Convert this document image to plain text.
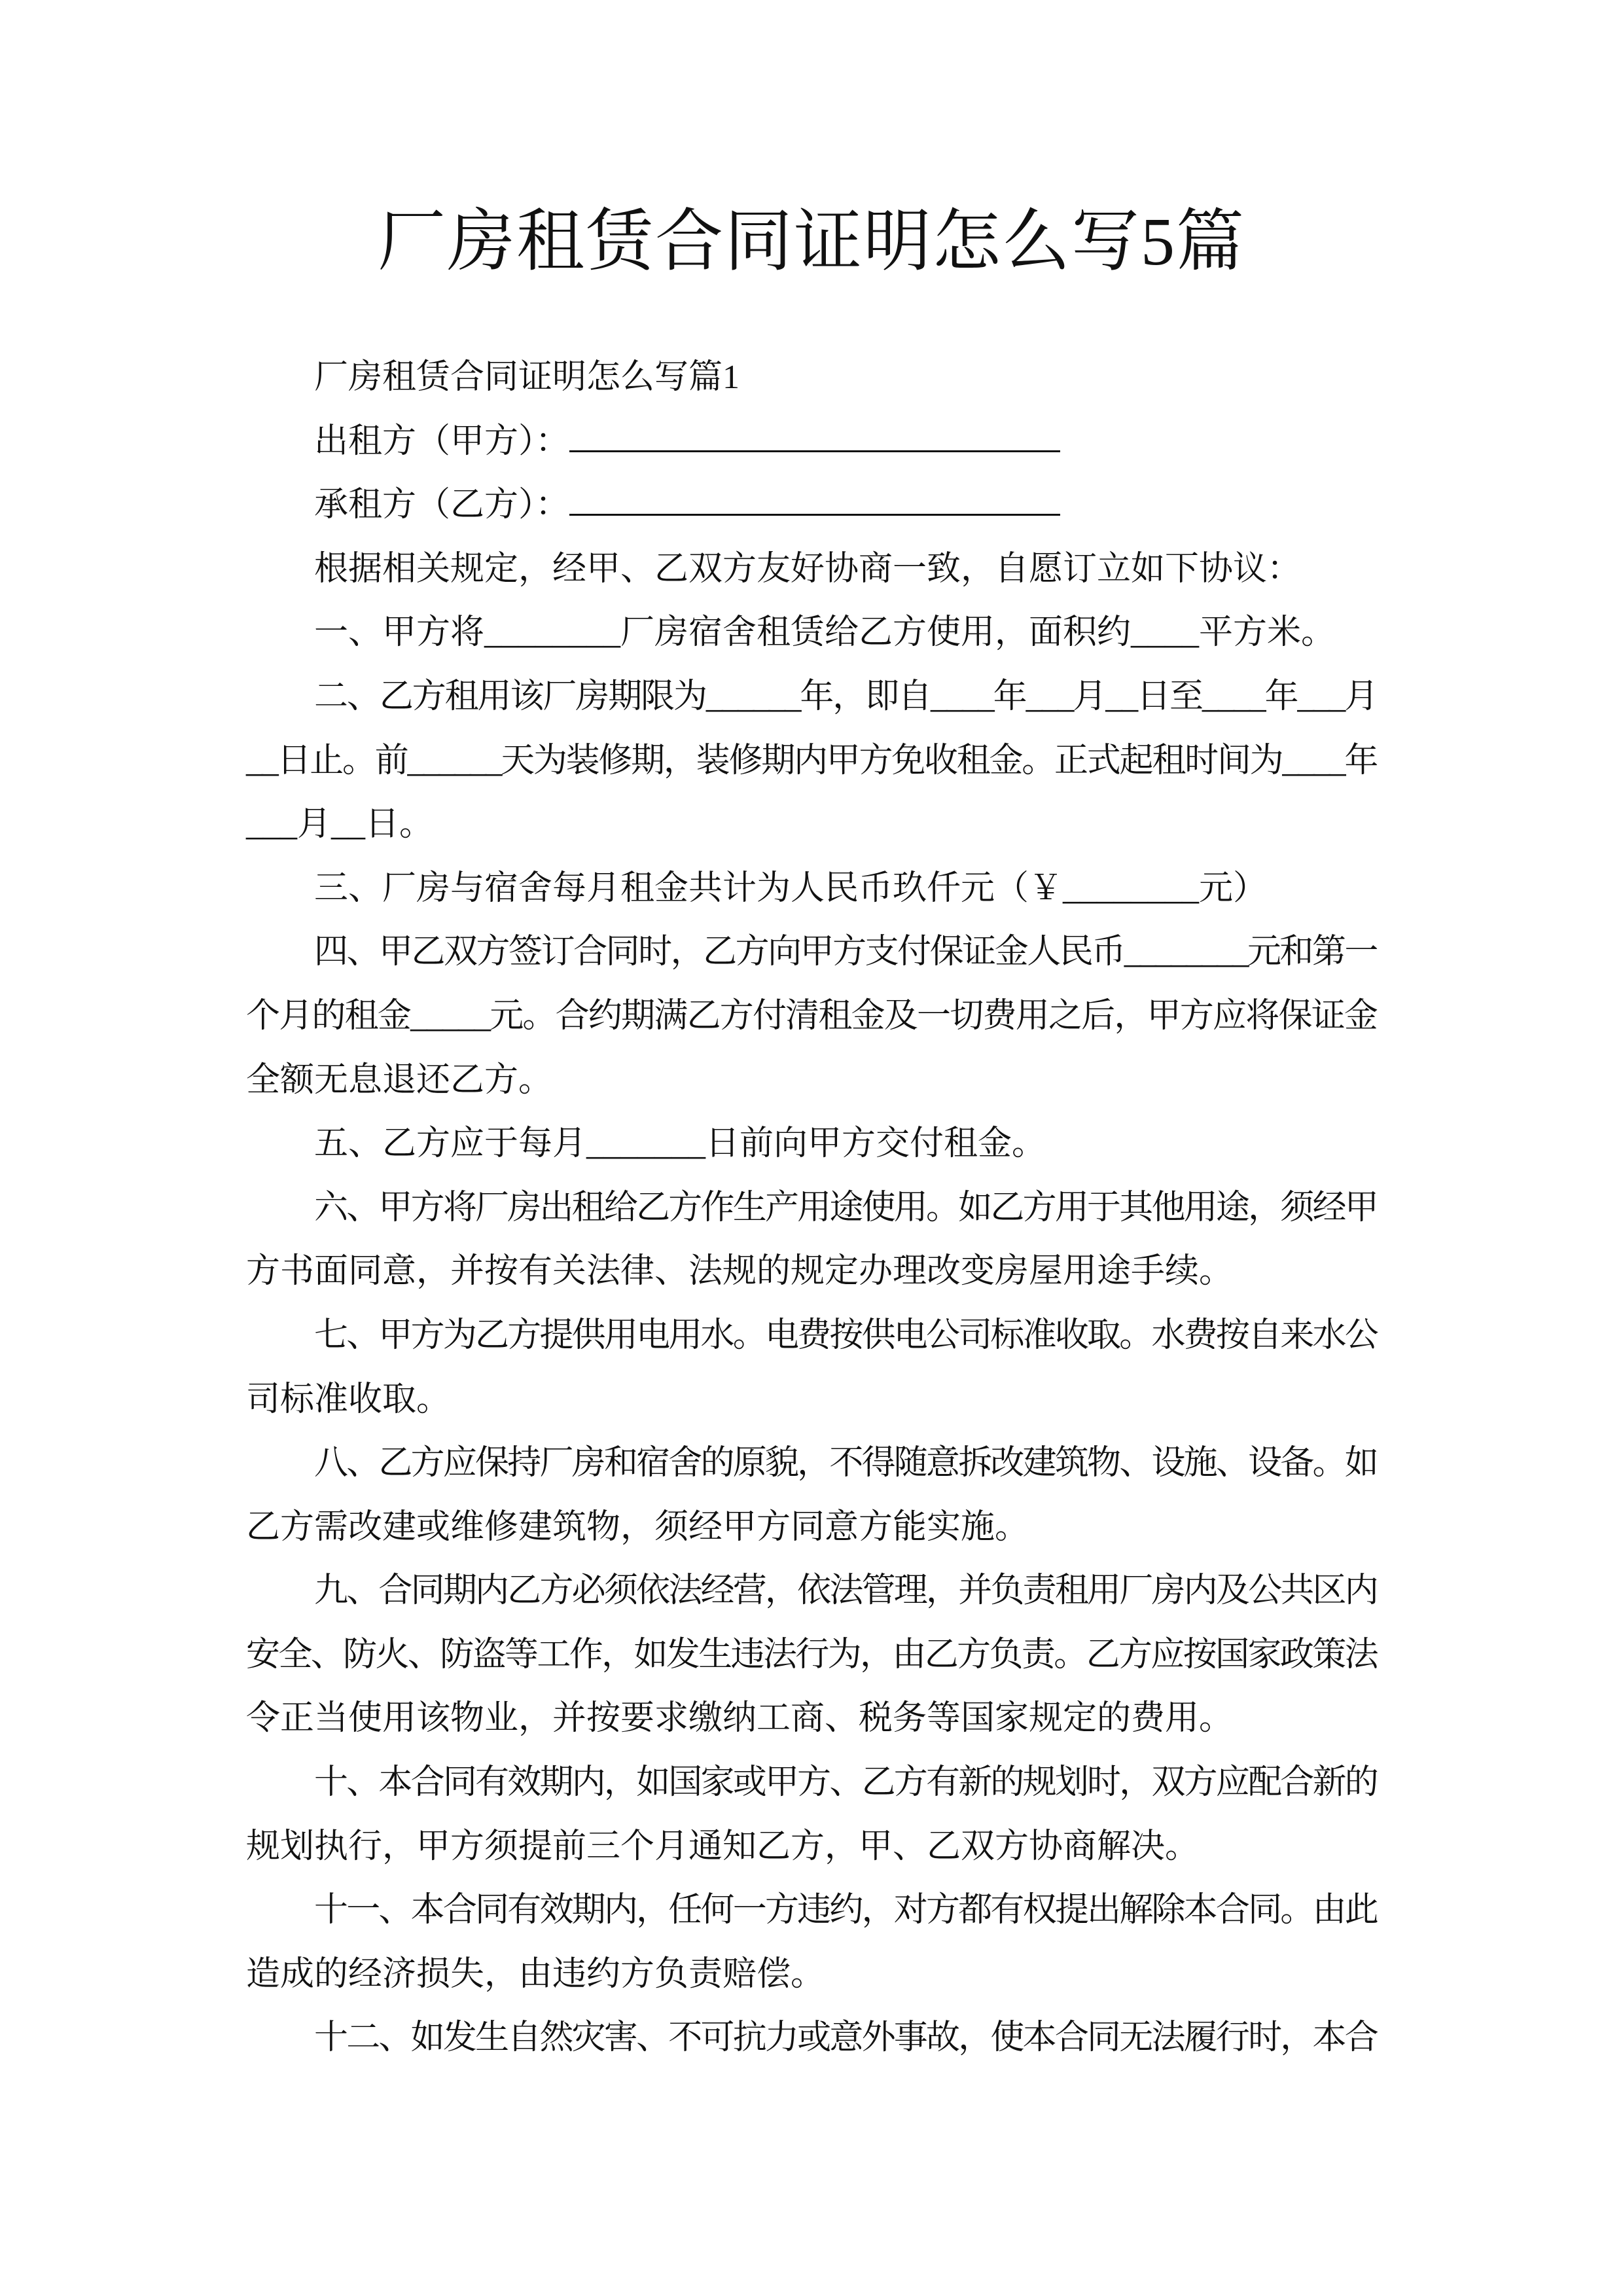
厂房租赁合同证明怎么写5篇
厂房租赁合同证明怎么写篇1
出租方（甲方）：
承租方（乙方）：
根据相关规定，经甲、乙双方友好协商一致，自愿订立如下协议：
一、甲方将________厂房宿舍租赁给乙方使用，面积约____平方米。
二、乙方租用该厂房期限为______年，即自____年___月__日至____年___月
__日止。前______天为装修期，装修期内甲方免收租金。正式起租时间为____年
___月__日。
三、厂房与宿舍每月租金共计为人民币玖仟元（￥________元）
四、甲乙双方签订合同时，乙方向甲方支付保证金人民币________元和第一
个月的租金_____元。合约期满乙方付清租金及一切费用之后，甲方应将保证金
全额无息退还乙方。
五、乙方应于每月_______日前向甲方交付租金。
六、甲方将厂房出租给乙方作生产用途使用。如乙方用于其他用途，须经甲
方书面同意，并按有关法律、法规的规定办理改变房屋用途手续。
七、甲方为乙方提供用电用水。电费按供电公司标准收取。水费按自来水公
司标准收取。
八、乙方应保持厂房和宿舍的原貌，不得随意拆改建筑物、设施、设备。如
乙方需改建或维修建筑物，须经甲方同意方能实施。
九、合同期内乙方必须依法经营，依法管理，并负责租用厂房内及公共区内
安全、防火、防盗等工作，如发生违法行为，由乙方负责。乙方应按国家政策法
令正当使用该物业，并按要求缴纳工商、税务等国家规定的费用。
十、本合同有效期内，如国家或甲方、乙方有新的规划时，双方应配合新的
规划执行，甲方须提前三个月通知乙方，甲、乙双方协商解决。
十一、本合同有效期内，任何一方违约，对方都有权提出解除本合同。由此
造成的经济损失，由违约方负责赔偿。
十二、如发生自然灾害、不可抗力或意外事故，使本合同无法履行时，本合
